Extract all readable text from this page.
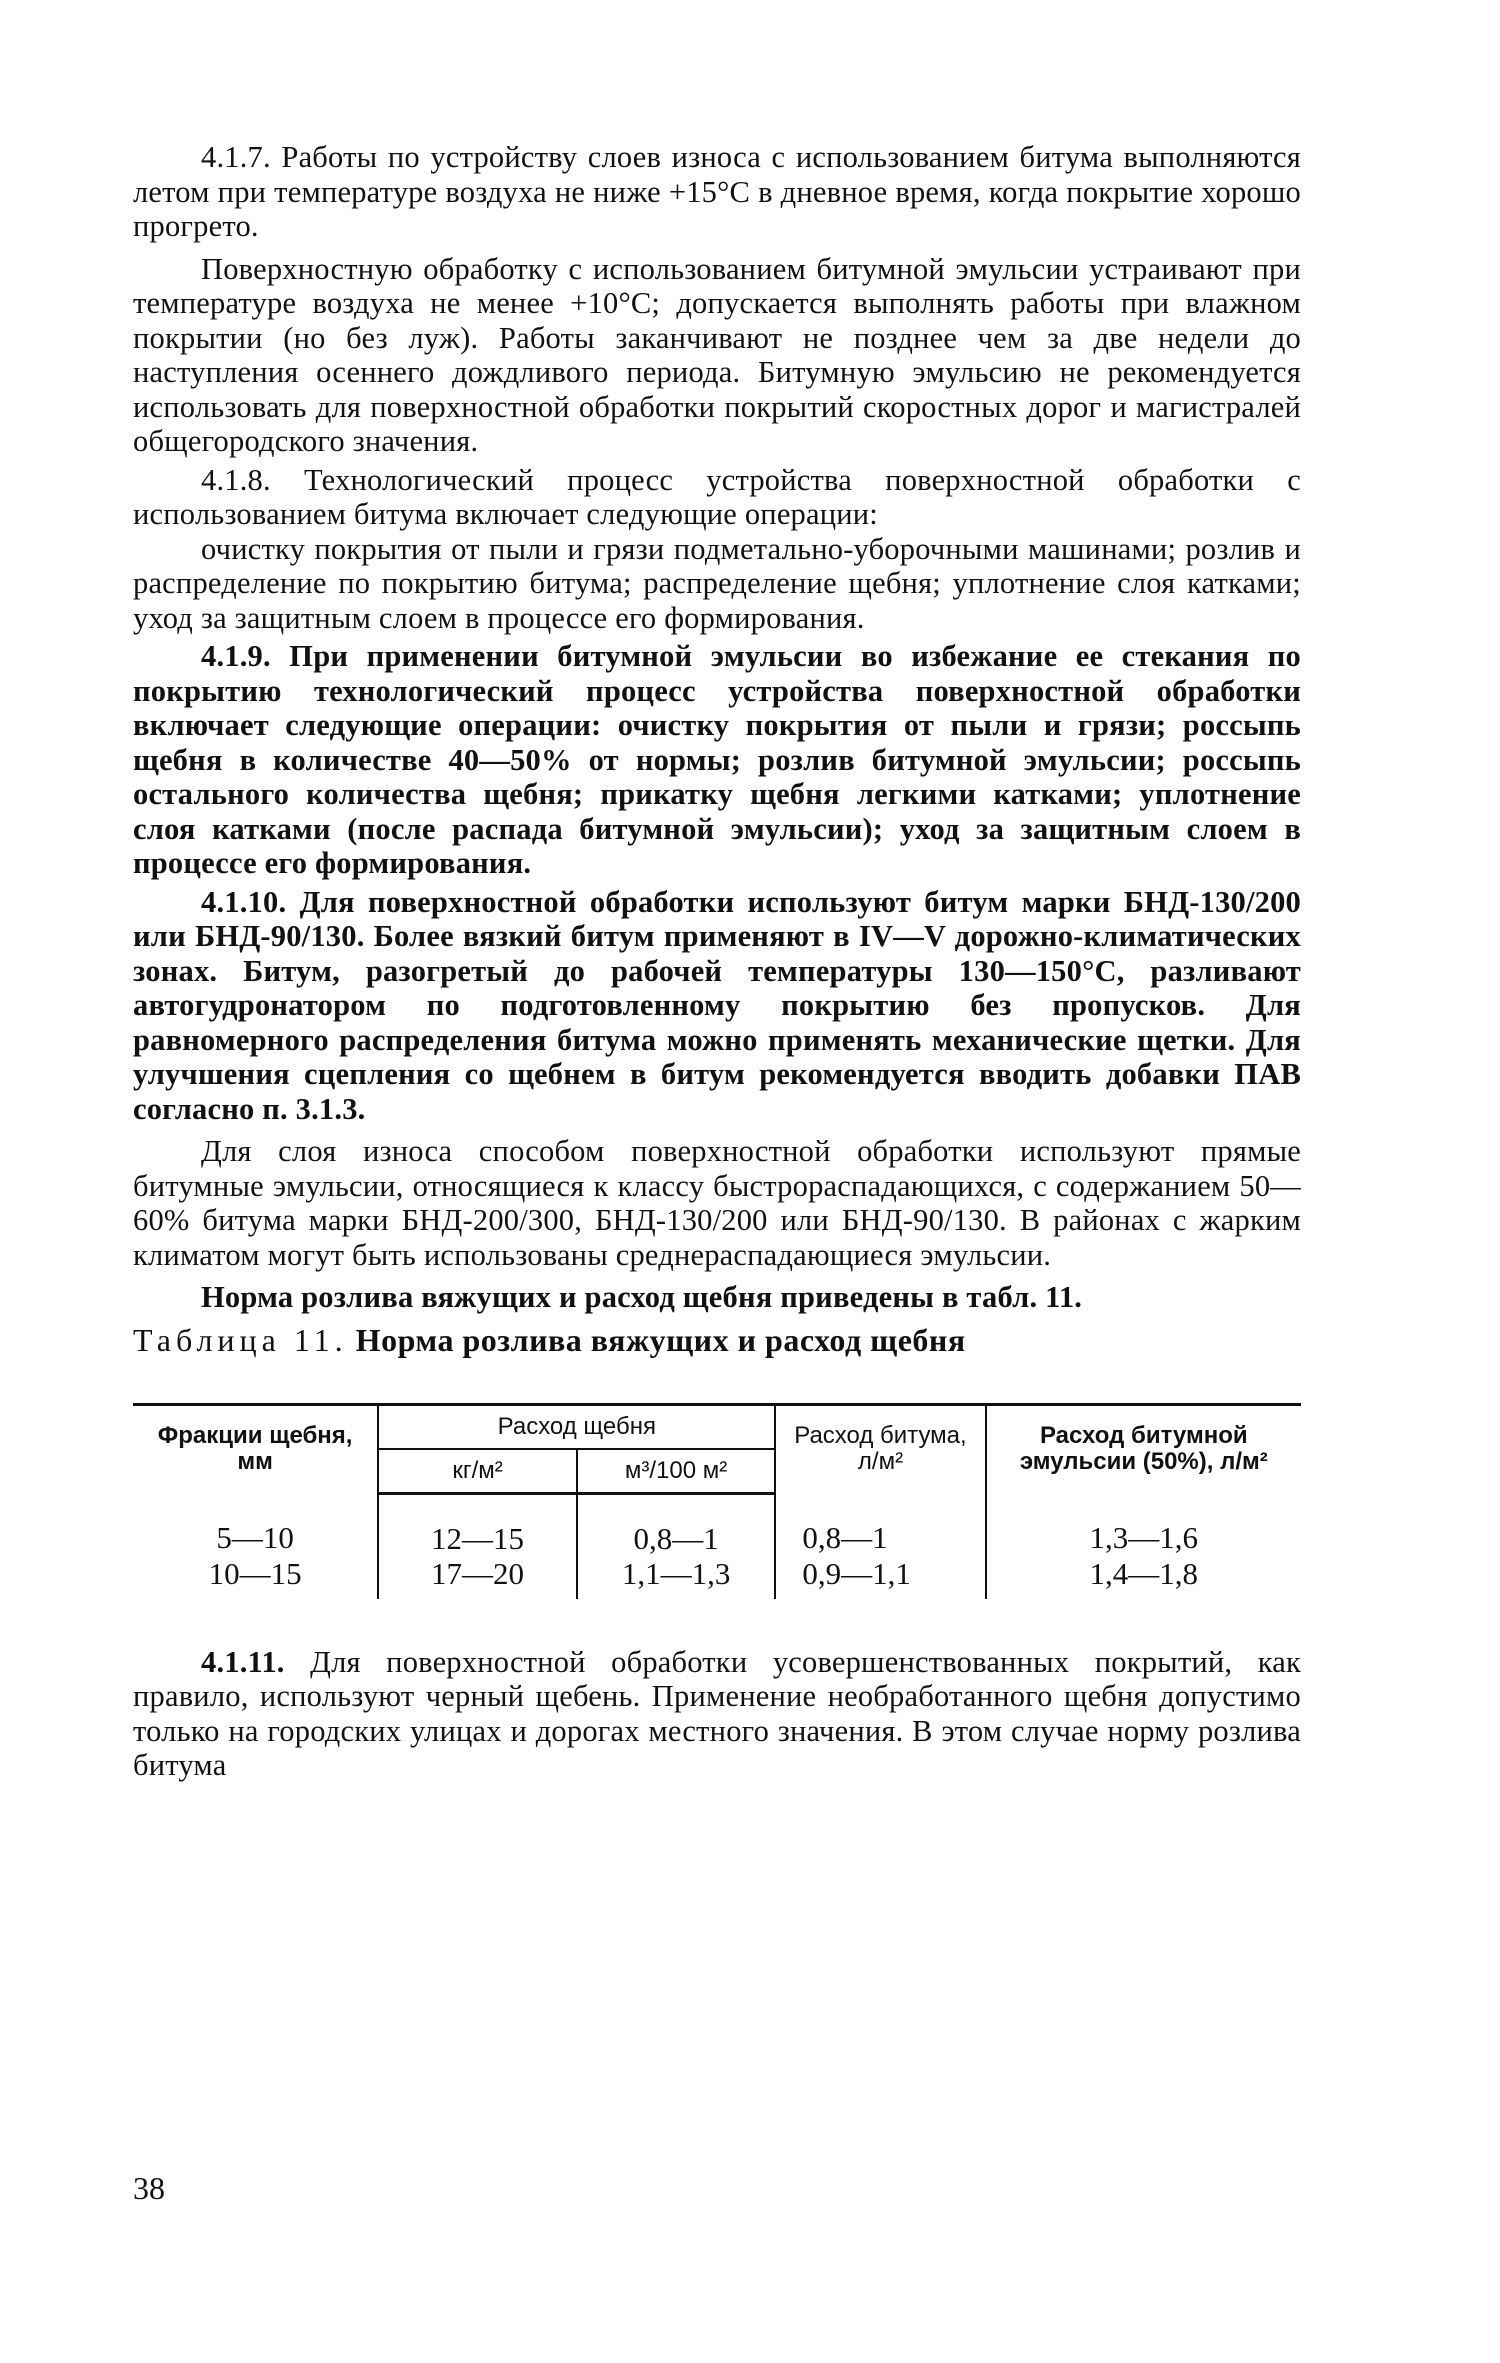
4.1.7. Работы по устройству слоев износа с использованием битума выполняются летом при температуре воздуха не ниже +15°С в дневное время, когда покрытие хорошо прогрето.

Поверхностную обработку с использованием битумной эмульсии устраивают при температуре воздуха не менее +10°С; допускается выполнять работы при влажном покрытии (но без луж). Работы заканчивают не позднее чем за две недели до наступления осеннего дождливого периода. Битумную эмульсию не рекомендуется использовать для поверхностной обработки покрытий скоростных дорог и магистралей общегородского значения.

4.1.8. Технологический процесс устройства поверхностной обработки с использованием битума включает следующие операции:

очистку покрытия от пыли и грязи подметально-уборочными машинами; розлив и распределение по покрытию битума; распределение щебня; уплотнение слоя катками; уход за защитным слоем в процессе его формирования.

4.1.9. При применении битумной эмульсии во избежание ее стекания по покрытию технологический процесс устройства поверхностной обработки включает следующие операции: очистку покрытия от пыли и грязи; россыпь щебня в количестве 40—50% от нормы; розлив битумной эмульсии; россыпь остального количества щебня; прикатку щебня легкими катками; уплотнение слоя катками (после распада битумной эмульсии); уход за защитным слоем в процессе его формирования.

4.1.10. Для поверхностной обработки используют битум марки БНД-130/200 или БНД-90/130. Более вязкий битум применяют в IV—V дорожно-климатических зонах. Битум, разогретый до рабочей температуры 130—150°С, разливают автогудронатором по подготовленному покрытию без пропусков. Для равномерного распределения битума можно применять механические щетки. Для улучшения сцепления со щебнем в битум рекомендуется вводить добавки ПАВ согласно п. 3.1.3.

Для слоя износа способом поверхностной обработки используют прямые битумные эмульсии, относящиеся к классу быстрораспадающихся, с содержанием 50—60% битума марки БНД-200/300, БНД-130/200 или БНД-90/130. В районах с жарким климатом могут быть использованы среднераспадающиеся эмульсии.

Норма розлива вяжущих и расход щебня приведены в табл. 11.

Таблица 11. Норма розлива вяжущих и расход щебня

Фракции щебня, мм	Расход щебня		Расход битума, л/м²	Расход битумной эмульсии (50%), л/м²
	кг/м²	м³/100 м²		
5—10	12—15	0,8—1	0,8—1	1,3—1,6
10—15	17—20	1,1—1,3	0,9—1,1	1,4—1,8

4.1.11. Для поверхностной обработки усовершенствованных покрытий, как правило, используют черный щебень. Применение необработанного щебня допустимо только на городских улицах и дорогах местного значения. В этом случае норму розлива битума

38
